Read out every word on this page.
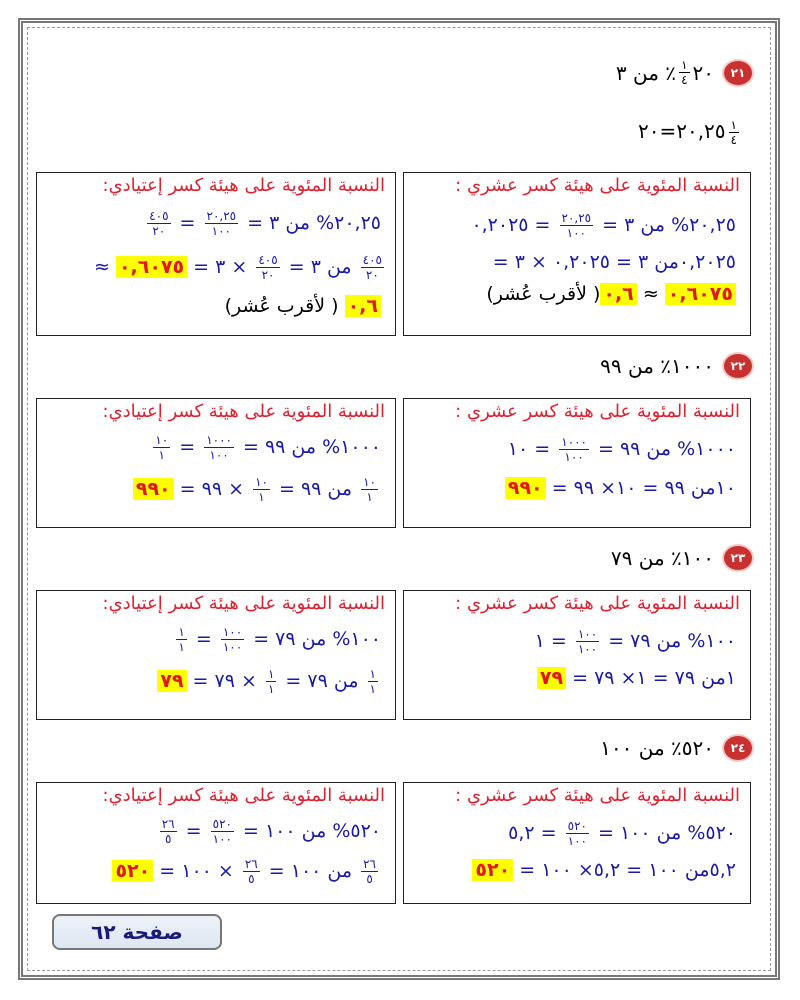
٢١
٢٠
$\frac{١}{٤}$
٪ من ٣
$\frac{١}{٤}$
٢٠,٢٥=٢٠
النسبة المئوية على هيئة كسر عشري :
٢٠,٢٥% من ٣ =
$\frac{٢٠,٢٥}{١٠٠}$
= ٠,٢٠٢٥
٠,٢٠٢٥من ٣ = ٠,٢٠٢٥ × ٣ =
٠,٦٠٧٥ ≈ ٠,٦( لأقرب عُشر)
النسبة المئوية على هيئة كسر إعتيادي:
٢٠,٢٥% من ٣ =
$\frac{٢٠,٢٥}{١٠٠}$
=
$\frac{٤٠٥}{٢٠}$
$\frac{٤٠٥}{٢٠}$
من ٣ =
$\frac{٤٠٥}{٢٠}$
× ٣ = ٠,٦٠٧٥ ≈
٠,٦ ( لأقرب عُشر)
٢٢
١٠٠٠٪ من ٩٩
النسبة المئوية على هيئة كسر عشري :
١٠٠٠% من ٩٩ =
$\frac{١٠٠٠}{١٠٠}$
= ١٠
١٠من ٩٩ = ١٠× ٩٩ = ٩٩٠
النسبة المئوية على هيئة كسر إعتيادي:
١٠٠٠% من ٩٩ =
$\frac{١٠٠٠}{١٠٠}$
=
$\frac{١٠}{١}$
$\frac{١٠}{١}$
من ٩٩ =
$\frac{١٠}{١}$
× ٩٩ = ٩٩٠
٢٣
١٠٠٪ من ٧٩
النسبة المئوية على هيئة كسر عشري :
١٠٠% من ٧٩ =
$\frac{١٠٠}{١٠٠}$
= ١
١من ٧٩ = ١× ٧٩ = ٧٩
النسبة المئوية على هيئة كسر إعتيادي:
١٠٠% من ٧٩ =
$\frac{١٠٠}{١٠٠}$
=
$\frac{١}{١}$
$\frac{١}{١}$
من ٧٩ =
$\frac{١}{١}$
× ٧٩ = ٧٩
٢٤
٥٢٠٪ من ١٠٠
النسبة المئوية على هيئة كسر عشري :
٥٢٠% من ١٠٠ =
$\frac{٥٢٠}{١٠٠}$
= ٥,٢
٥,٢من ١٠٠ = ٥,٢× ١٠٠ = ٥٢٠
النسبة المئوية على هيئة كسر إعتيادي:
٥٢٠% من ١٠٠ =
$\frac{٥٢٠}{١٠٠}$
=
$\frac{٢٦}{٥}$
$\frac{٢٦}{٥}$
من ١٠٠ =
$\frac{٢٦}{٥}$
× ١٠٠ = ٥٢٠
صفحة ٦٢
